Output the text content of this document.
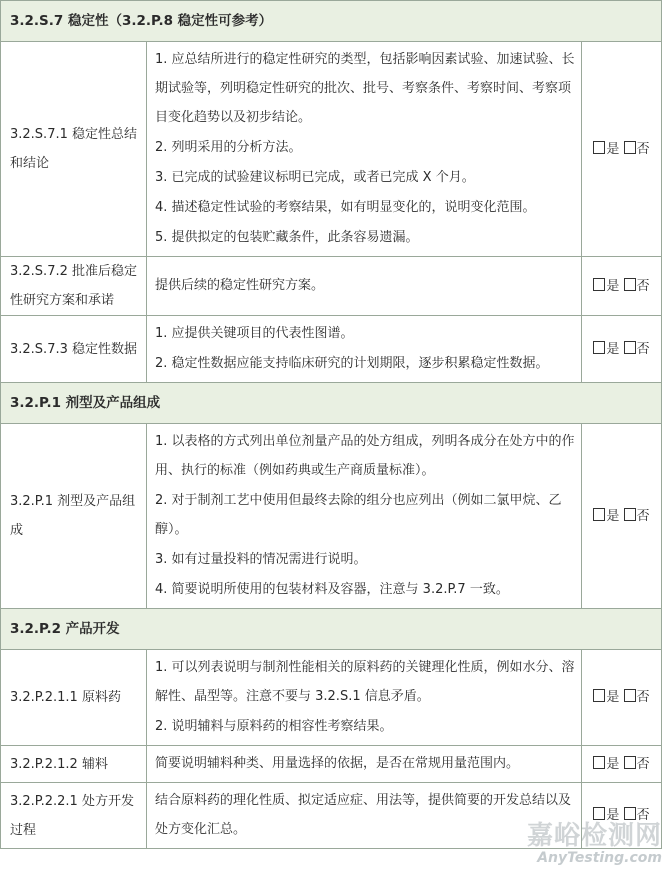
3.2.S.7 稳定性（3.2.P.8 稳定性可参考）		
3.2.S.7.1 稳定性总结和结论	1. 应总结所进行的稳定性研究的类型，包括影响因素试验、加速试验、长期试验等，列明稳定性研究的批次、批号、考察条件、考察时间、考察项目变化趋势以及初步结论。

2. 列明采用的分析方法。

3. 已完成的试验建议标明已完成，或者已完成 X 个月。

4. 描述稳定性试验的考察结果，如有明显变化的，说明变化范围。

5. 提供拟定的包装贮藏条件，此条容易遗漏。	是 否
3.2.S.7.2 批准后稳定性研究方案和承诺	提供后续的稳定性研究方案。	是 否
3.2.S.7.3 稳定性数据	1. 应提供关键项目的代表性图谱。

2. 稳定性数据应能支持临床研究的计划期限，逐步积累稳定性数据。	是 否
3.2.P.1 剂型及产品组成		
3.2.P.1 剂型及产品组成	1. 以表格的方式列出单位剂量产品的处方组成，列明各成分在处方中的作用、执行的标准（例如药典或生产商质量标准）。

2. 对于制剂工艺中使用但最终去除的组分也应列出（例如二氯甲烷、乙醇）。

3. 如有过量投料的情况需进行说明。

4. 简要说明所使用的包装材料及容器，注意与 3.2.P.7 一致。	是 否
3.2.P.2 产品开发		
3.2.P.2.1.1 原料药	1. 可以列表说明与制剂性能相关的原料药的关键理化性质，例如水分、溶解性、晶型等。注意不要与 3.2.S.1 信息矛盾。

2. 说明辅料与原料药的相容性考察结果。	是 否
3.2.P.2.1.2 辅料	简要说明辅料种类、用量选择的依据，是否在常规用量范围内。	是 否
3.2.P.2.2.1 处方开发过程	结合原料药的理化性质、拟定适应症、用法等，提供简要的开发总结以及处方变化汇总。	是 否
嘉峪检测网
AnyTesting.com
